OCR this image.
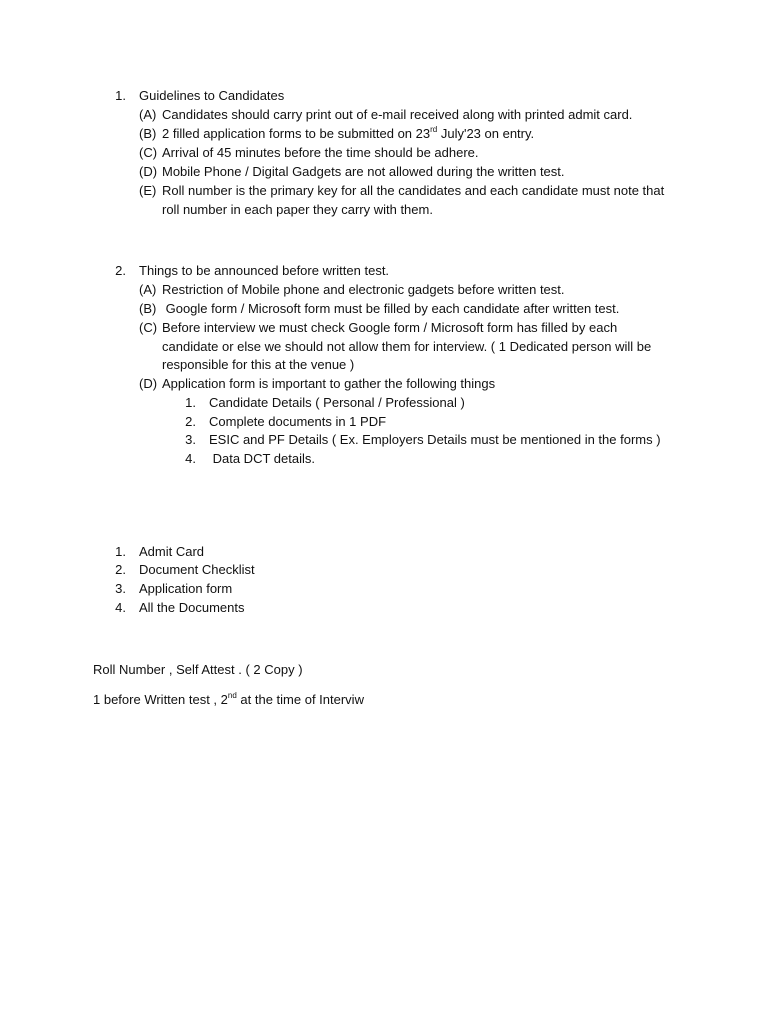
1. Guidelines to Candidates
(A) Candidates should carry print out of e-mail received along with printed admit card.
(B) 2 filled application forms to be submitted on 23rd July'23 on entry.
(C) Arrival of 45 minutes before the time should be adhere.
(D) Mobile Phone / Digital Gadgets are not allowed during the written test.
(E) Roll number is the primary key for all the candidates and each candidate must note that
roll number in each paper they carry with them.
2. Things to be announced before written test.
(A) Restriction of Mobile phone and electronic gadgets before written test.
(B) Google form / Microsoft form must be filled by each candidate after written test.
(C) Before interview we must check Google form / Microsoft form has filled by each
candidate or else we should not allow them for interview. ( 1 Dedicated person will be
responsible for this at the venue )
(D) Application form is important to gather the following things
1. Candidate Details ( Personal / Professional )
2. Complete documents in 1 PDF
3. ESIC and PF Details ( Ex. Employers Details must be mentioned in the forms )
4. Data DCT details.
1. Admit Card
2. Document Checklist
3. Application form
4. All the Documents
Roll Number , Self Attest . ( 2 Copy )
1 before Written test , 2nd at the time of Interviw
